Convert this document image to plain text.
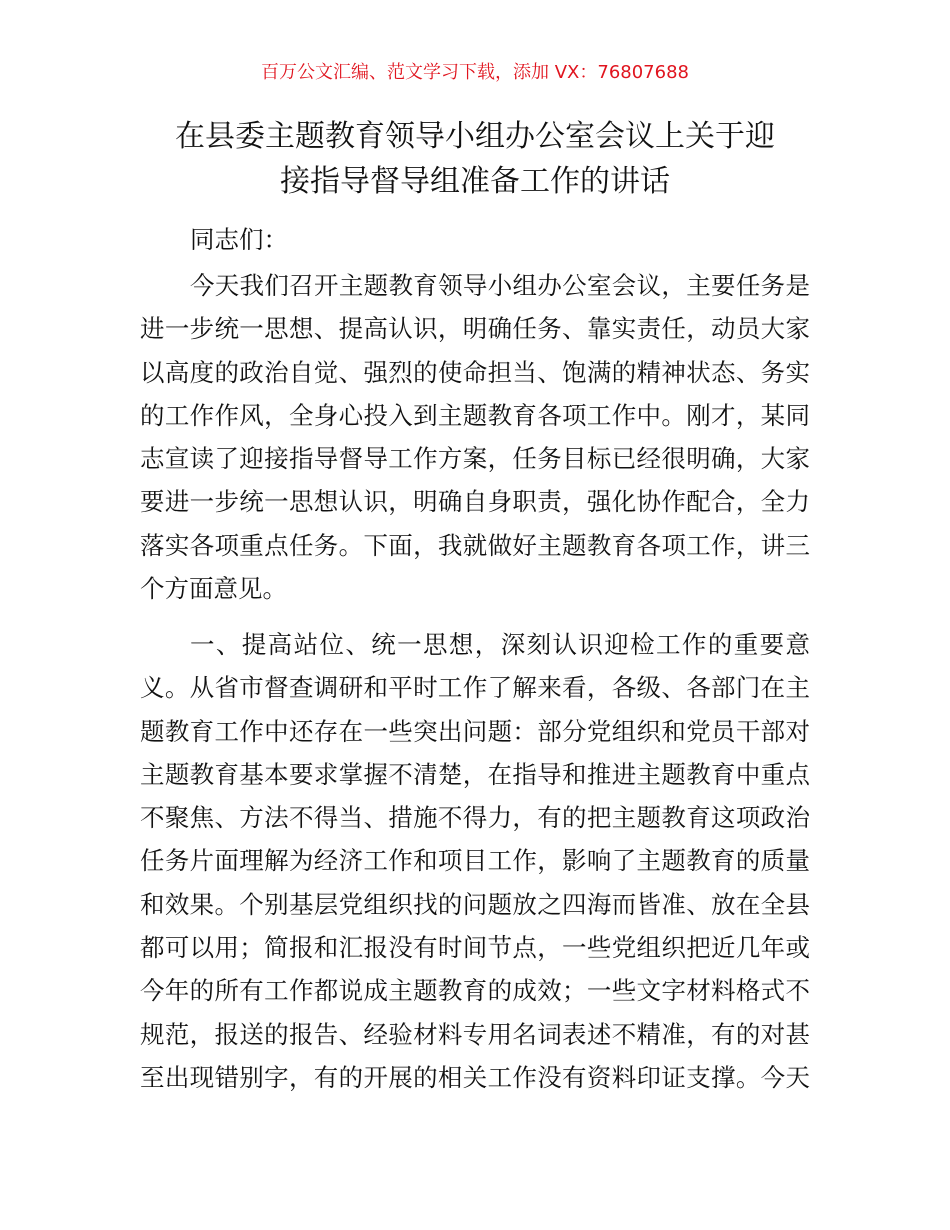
百万公文汇编、范文学习下载，添加 VX：76807688
在县委主题教育领导小组办公室会议上关于迎
接指导督导组准备工作的讲话
同志们：
今天我们召开主题教育领导小组办公室会议，主要任务是
进一步统一思想、提高认识，明确任务、靠实责任，动员大家
以高度的政治自觉、强烈的使命担当、饱满的精神状态、务实
的工作作风，全身心投入到主题教育各项工作中。刚才，某同
志宣读了迎接指导督导工作方案，任务目标已经很明确，大家
要进一步统一思想认识，明确自身职责，强化协作配合，全力
落实各项重点任务。下面，我就做好主题教育各项工作，讲三
个方面意见。
一、提高站位、统一思想，深刻认识迎检工作的重要意
义。从省市督查调研和平时工作了解来看，各级、各部门在主
题教育工作中还存在一些突出问题：部分党组织和党员干部对
主题教育基本要求掌握不清楚，在指导和推进主题教育中重点
不聚焦、方法不得当、措施不得力，有的把主题教育这项政治
任务片面理解为经济工作和项目工作，影响了主题教育的质量
和效果。个别基层党组织找的问题放之四海而皆准、放在全县
都可以用；简报和汇报没有时间节点，一些党组织把近几年或
今年的所有工作都说成主题教育的成效；一些文字材料格式不
规范，报送的报告、经验材料专用名词表述不精准，有的对甚
至出现错别字，有的开展的相关工作没有资料印证支撑。今天
